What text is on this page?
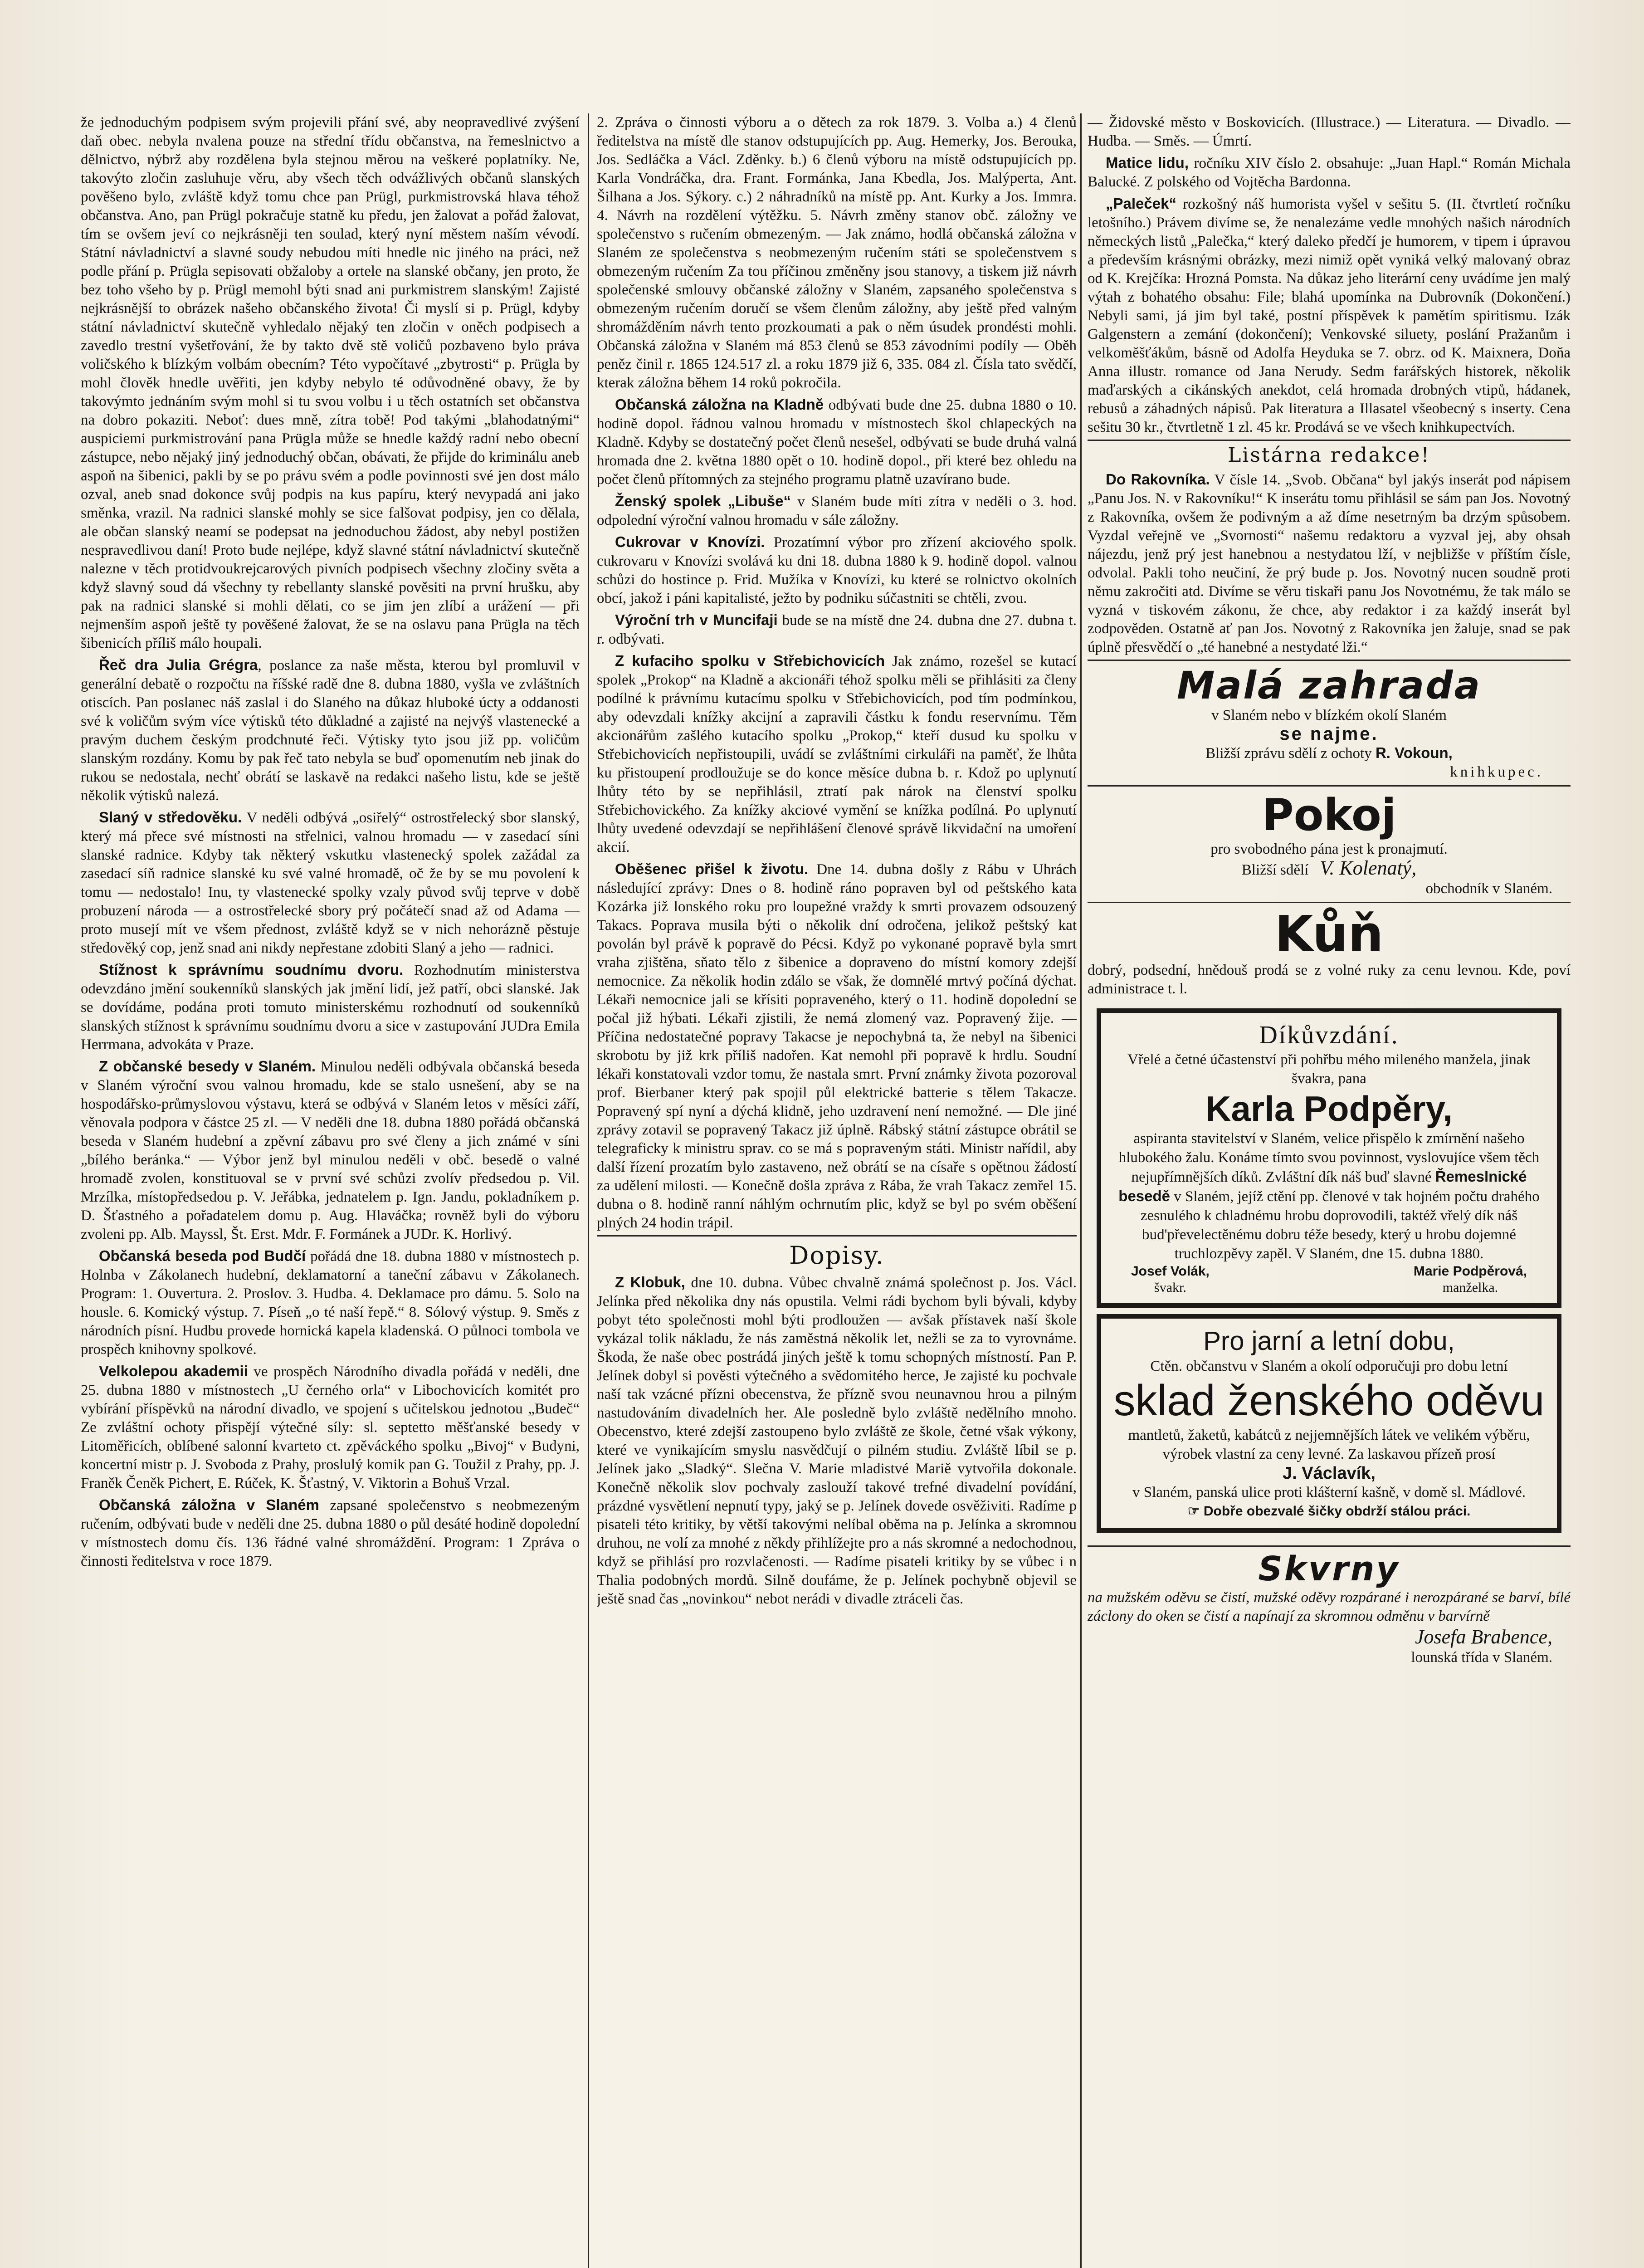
že jednoduchým podpisem svým projevili přání své, aby neopravedlivé zvýšení daň obec. nebyla nvalena pouze na střední třídu občanstva, na řemeslnictvo a dělnictvo, nýbrž aby rozdělena byla stejnou měrou na veškeré poplatníky. Ne, takovýto zločin zasluhuje věru, aby všech těch odvážlivých občanů slanských pověšeno bylo, zvláště když tomu chce pan Prügl, purkmistrovská hlava téhož občanstva. Ano, pan Prügl pokračuje statně ku předu, jen žalovat a pořád žalovat, tím se ovšem jeví co nejkrásněji ten soulad, který nyní městem naším vévodí. Státní návladnictví a slavné soudy nebudou míti hnedle nic jiného na práci, než podle přání p. Prügla sepisovati obžaloby a ortele na slanské občany, jen proto, že bez toho všeho by p. Prügl memohl býti snad ani purkmistrem slanským! Zajisté nejkrásnější to obrázek našeho občanského života! Či myslí si p. Prügl, kdyby státní návladnictví skutečně vyhledalo nějaký ten zločin v oněch podpisech a zavedlo trestní vyšetřování, že by takto dvě stě voličů pozbaveno bylo práva voličského k blízkým volbám obecním? Této vypočítavé „zbytrosti“ p. Prügla by mohl člověk hnedle uvěřiti, jen kdyby nebylo té odůvodněné obavy, že by takovýmto jednáním svým mohl si tu svou volbu i u těch ostatních set občanstva na dobro pokaziti. Neboť: dues mně, zítra tobě! Pod takými „blahodatnými“ auspiciemi purkmistrování pana Prügla může se hnedle každý radní nebo obecní zástupce, nebo nějaký jiný jednoduchý občan, obávati, že přijde do kriminálu aneb aspoň na šibenici, pakli by se po právu svém a podle povinnosti své jen dost málo ozval, aneb snad dokonce svůj podpis na kus papíru, který nevypadá ani jako směnka, vrazil. Na radnici slanské mohly se sice falšovat podpisy, jen co dělala, ale občan slanský neamí se podepsat na jednoduchou žádost, aby nebyl postižen nespravedlivou daní! Proto bude nejlépe, když slavné státní návladnictví skutečně nalezne v těch protidvoukrejcarových pivních podpisech všechny zločiny světa a když slavný soud dá všechny ty rebellanty slanské pověsiti na první hrušku, aby pak na radnici slanské si mohli dělati, co se jim jen zlíbí a urážení — při nejmenším aspoň ještě ty pověšené žalovat, že se na oslavu pana Prügla na těch šibenicích příliš málo houpali.

Řeč dra Julia Grégra, poslance za naše města, kterou byl promluvil v generální debatě o rozpočtu na říšské radě dne 8. dubna 1880, vyšla ve zvláštních otiscích. Pan poslanec náš zaslal i do Slaného na důkaz hluboké úcty a oddanosti své k voličům svým více výtisků této důkladné a zajisté na nejvýš vlastenecké a pravým duchem českým prodchnuté řeči. Výtisky tyto jsou již pp. voličům slanským rozdány. Komu by pak řeč tato nebyla se buď opomenutím neb jinak do rukou se nedostala, nechť obrátí se laskavě na redakci našeho listu, kde se ještě několik výtisků nalezá.

Slaný v středověku. V neděli odbývá „osiřelý“ ostrostřelecký sbor slanský, který má přece své místnosti na střelnici, valnou hromadu — v zasedací síni slanské radnice. Kdyby tak některý vskutku vlastenecký spolek zažádal za zasedací síň radnice slanské ku své valné hromadě, oč že by se mu povolení k tomu — nedostalo! Inu, ty vlastenecké spolky vzaly původ svůj teprve v době probuzení národa — a ostrostřelecké sbory prý počátečí snad až od Adama — proto musejí mít ve všem přednost, zvláště když se v nich nehorázně pěstuje středověký cop, jenž snad ani nikdy nepřestane zdobiti Slaný a jeho — radnici.

Stížnost k správnímu soudnímu dvoru. Rozhodnutím ministerstva odevzdáno jmění soukenníků slanských jak jmění lidí, jež patří, obci slanské. Jak se dovídáme, podána proti tomuto ministerskému rozhodnutí od soukenníků slanských stížnost k správnímu soudnímu dvoru a sice v zastupování JUDra Emila Herrmana, advokáta v Praze.

Z občanské besedy v Slaném. Minulou neděli odbývala občanská beseda v Slaném výroční svou valnou hromadu, kde se stalo usnešení, aby se na hospodářsko-průmyslovou výstavu, která se odbývá v Slaném letos v měsíci září, věnovala podpora v částce 25 zl. — V neděli dne 18. dubna 1880 pořádá občanská beseda v Slaném hudební a zpěvní zábavu pro své členy a jich známé v síni „bílého beránka.“ — Výbor jenž byl minulou neděli v obč. besedě o valné hromadě zvolen, konstituoval se v první své schůzi zvolív předsedou p. Vil. Mrzílka, místopředsedou p. V. Jeřábka, jednatelem p. Ign. Jandu, pokladníkem p. D. Šťastného a pořadatelem domu p. Aug. Hlaváčka; rovněž byli do výboru zvoleni pp. Alb. Mayssl, Št. Erst. Mdr. F. Formánek a JUDr. K. Horlivý.

Občanská beseda pod Budčí pořádá dne 18. dubna 1880 v místnostech p. Holnba v Zákolanech hudební, deklamatorní a taneční zábavu v Zákolanech. Program: 1. Ouvertura. 2. Proslov. 3. Hudba. 4. Deklamace pro dámu. 5. Solo na housle. 6. Komický výstup. 7. Píseň „o té naší řepě.“ 8. Sólový výstup. 9. Směs z národních písní. Hudbu provede hornická kapela kladenská. O půlnoci tombola ve prospěch knihovny spolkové.

Velkolepou akademii ve prospěch Národního divadla pořádá v neděli, dne 25. dubna 1880 v místnostech „U černého orla“ v Libochovicích komitét pro vybírání příspěvků na národní divadlo, ve spojení s učitelskou jednotou „Budeč“ Ze zvláštní ochoty přispějí výtečné síly: sl. septetto měšťanské besedy v Litoměřicích, oblíbené salonní kvarteto ct. zpěváckého spolku „Bivoj“ v Budyni, koncertní mistr p. J. Svoboda z Prahy, proslulý komik pan G. Toužil z Prahy, pp. J. Franěk Čeněk Pichert, E. Rúček, K. Šťastný, V. Viktorin a Bohuš Vrzal.

Občanská záložna v Slaném zapsané společenstvo s neobmezeným ručením, odbývati bude v neděli dne 25. dubna 1880 o půl desáté hodině dopolední v místnostech domu čís. 136 řádné valné shromáždění. Program: 1 Zpráva o činnosti ředitelstva v roce 1879.

2. Zpráva o činnosti výboru a o dětech za rok 1879. 3. Volba a.) 4 členů ředitelstva na místě dle stanov odstupujících pp. Aug. Hemerky, Jos. Berouka, Jos. Sedláčka a Václ. Zděnky. b.) 6 členů výboru na místě odstupujících pp. Karla Vondráčka, dra. Frant. Formánka, Jana Kbedla, Jos. Malýperta, Ant. Šilhana a Jos. Sýkory. c.) 2 náhradníků na místě pp. Ant. Kurky a Jos. Immra. 4. Návrh na rozdělení výtěžku. 5. Návrh změny stanov obč. záložny ve společenstvo s ručením obmezeným. — Jak známo, hodlá občanská záložna v Slaném ze společenstva s neobmezeným ručením státi se společenstvem s obmezeným ručením Za tou příčinou změněny jsou stanovy, a tiskem již návrh společenské smlouvy občanské záložny v Slaném, zapsaného společenstva s obmezeným ručením doručí se všem členům záložny, aby ještě před valným shromážděním návrh tento prozkoumati a pak o něm úsudek prondésti mohli. Občanská záložna v Slaném má 853 členů se 853 závodními podíly — Oběh peněz činil r. 1865 124.517 zl. a roku 1879 již 6, 335. 084 zl. Čísla tato svědčí, kterak záložna během 14 roků pokročila.

Občanská záložna na Kladně odbývati bude dne 25. dubna 1880 o 10. hodině dopol. řádnou valnou hromadu v místnostech škol chlapeckých na Kladně. Kdyby se dostatečný počet členů nesešel, odbývati se bude druhá valná hromada dne 2. května 1880 opět o 10. hodině dopol., při které bez ohledu na počet členů přítomných za stejného programu platně uzavírano bude.

Ženský spolek „Libuše“ v Slaném bude míti zítra v neděli o 3. hod. odpolední výroční valnou hromadu v sále záložny.

Cukrovar v Knovízi. Prozatímní výbor pro zřízení akciového spolk. cukrovaru v Knovízi svolává ku dni 18. dubna 1880 k 9. hodině dopol. valnou schůzi do hostince p. Frid. Mužíka v Knovízi, ku které se rolnictvo okolních obcí, jakož i páni kapitalisté, ježto by podniku súčastniti se chtěli, zvou.

Výroční trh v Muncifaji bude se na místě dne 24. dubna dne 27. dubna t. r. odbývati.

Z kufaciho spolku v Střebichovicích Jak známo, rozešel se kutací spolek „Prokop“ na Kladně a akcionáři téhož spolku měli se přihlásiti za členy podílné k právnímu kutacímu spolku v Střebichovicích, pod tím podmínkou, aby odevzdali knížky akcijní a zapravili částku k fondu reservnímu. Těm akcionářům zašlého kutacího spolku „Prokop,“ kteří dusud ku spolku v Střebichovicích nepřistoupili, uvádí se zvláštními cirkuláři na paměť, že lhůta ku přistoupení prodloužuje se do konce měsíce dubna b. r. Kdož po uplynutí lhůty této by se nepřihlásil, ztratí pak nárok na členství spolku Střebichovického. Za knížky akciové vymění se knížka podílná. Po uplynutí lhůty uvedené odevzdají se nepřihlášení členové správě likvidační na umoření akcií.

Oběšenec přišel k životu. Dne 14. dubna došly z Rábu v Uhrách následující zprávy: Dnes o 8. hodině ráno popraven byl od peštského kata Kozárka již lonského roku pro loupežné vraždy k smrti provazem odsouzený Takacs. Poprava musila býti o několik dní odročena, jelikož peštský kat povolán byl právě k popravě do Pécsi. Když po vykonané popravě byla smrt vraha zjištěna, sňato tělo z šibenice a dopraveno do místní komory zdejší nemocnice. Za několik hodin zdálo se však, že domnělé mrtvý počíná dýchat. Lékaři nemocnice jali se křísiti popraveného, který o 11. hodině dopolední se počal již hýbati. Lékaři zjistili, že nemá zlomený vaz. Popravený žije. — Příčina nedostatečné popravy Takacse je nepochybná ta, že nebyl na šibenici skrobotu by již krk příliš nadořen. Kat nemohl při popravě k hrdlu. Soudní lékaři konstatovali vzdor tomu, že nastala smrt. První známky života pozoroval prof. Bierbaner který pak spojil půl elektrické batterie s tělem Takacze. Popravený spí nyní a dýchá klidně, jeho uzdravení není nemožné. — Dle jiné zprávy zotavil se popravený Takacz již úplně. Rábský státní zástupce obrátil se telegraficky k ministru sprav. co se má s popraveným státi. Ministr nařídil, aby další řízení prozatím bylo zastaveno, než obrátí se na císaře s opětnou žádostí za udělení milosti. — Konečně došla zpráva z Rába, že vrah Takacz zemřel 15. dubna o 8. hodině ranní náhlým ochrnutím plic, když se byl po svém oběšení plných 24 hodin trápil.

Dopisy.

Z Klobuk, dne 10. dubna. Vůbec chvalně známá společnost p. Jos. Václ. Jelínka před několika dny nás opustila. Velmi rádi bychom byli bývali, kdyby pobyt této společnosti mohl býti prodloužen — avšak přístavek naší škole vykázal tolik nákladu, že nás zaměstná několik let, nežli se za to vyrovnáme. Škoda, že naše obec postrádá jiných ještě k tomu schopných místností. Pan P. Jelínek dobyl si pověsti výtečného a svědomitého herce, Je zajisté ku pochvale naší tak vzácné přízni obecenstva, že přízně svou neunavnou hrou a pilným nastudováním divadelních her. Ale posledně bylo zvláště nedělního mnoho. Obecenstvo, které zdejší zastoupeno bylo zvláště ze škole, četné však výkony, které ve vynikajícím smyslu nasvědčují o pilném studiu. Zvláště líbil se p. Jelínek jako „Sladký“. Slečna V. Marie mladistvé Mariě vytvořila dokonale. Konečně několik slov pochvaly zaslouží takové trefné divadelní povídání, prázdné vysvětlení nepnutí typy, jaký se p. Jelínek dovede osvěživiti. Radíme p pisateli této kritiky, by větší takovými nelíbal oběma na p. Jelínka a skromnou druhou, ne volí za mnohé z někdy přihlížejte pro a nás skromné a nedochodnou, když se přihlásí pro rozvlačenosti. — Radíme pisateli kritiky by se vůbec i n Thalia podobných mordů. Silně doufáme, že p. Jelínek pochybně objevil se ještě snad čas „novinkou“ nebot nerádi v divadle ztráceli čas.

— Židovské město v Boskovicích. (Illustrace.) — Literatura. — Divadlo. — Hudba. — Směs. — Úmrtí.

Matice lidu, ročníku XIV číslo 2. obsahuje: „Juan Hapl.“ Román Michala Balucké. Z polského od Vojtěcha Bardonna.

„Paleček“ rozkošný náš humorista vyšel v sešitu 5. (II. čtvrtletí ročníku letošního.) Právem divíme se, že nenalezáme vedle mnohých našich národních německých listů „Palečka,“ který daleko předčí je humorem, v tipem i úpravou a především krásnými obrázky, mezi nimiž opět vyniká velký malovaný obraz od K. Krejčíka: Hrozná Pomsta. Na důkaz jeho literární ceny uvádíme jen malý výtah z bohatého obsahu: File; blahá upomínka na Dubrovník (Dokončení.) Nebyli sami, já jim byl také, postní příspěvek k pamětím spiritismu. Izák Galgenstern a zemání (dokončení); Venkovské siluety, poslání Pražanům i velkoměšťákům, básně od Adolfa Heyduka se 7. obrz. od K. Maixnera, Doňa Anna illustr. romance od Jana Nerudy. Sedm farářských historek, několik maďarských a cikánských anekdot, celá hromada drobných vtipů, hádanek, rebusů a záhadných nápisů. Pak literatura a Illasatel všeobecný s inserty. Cena sešitu 30 kr., čtvrtletně 1 zl. 45 kr. Prodává se ve všech knihkupectvích.

Listárna redakce!

Do Rakovníka. V čísle 14. „Svob. Občana“ byl jakýs inserát pod nápisem „Panu Jos. N. v Rakovníku!“ K inserátu tomu přihlásil se sám pan Jos. Novotný z Rakovníka, ovšem že podivným a až díme nesetrným ba drzým spůsobem. Vyzdal veřejně ve „Svornosti“ našemu redaktoru a vyzval jej, aby ohsah nájezdu, jenž prý jest hanebnou a nestydatou lží, v nejbližše v příštím čísle, odvolal. Pakli toho neučiní, že prý bude p. Jos. Novotný nucen soudně proti němu zakročiti atd. Divíme se věru tiskaři panu Jos Novotnému, že tak málo se vyzná v tiskovém zákonu, že chce, aby redaktor i za každý inserát byl zodpověden. Ostatně ať pan Jos. Novotný z Rakovníka jen žaluje, snad se pak úplně přesvědčí o „té hanebné a nestydaté lži.“

Malá zahrada
v Slaném nebo v blízkém okolí Slaném
se najme.
Bližší zprávu sdělí z ochoty R. Vokoun,
knihkupec.
Pokoj
pro svobodného pána jest k pronajmutí.
Bližší sdělí V. Kolenatý,
obchodník v Slaném.
Kůň
dobrý, podsední, hnědouš prodá se z volné ruky za cenu levnou. Kde, poví administrace t. l.
Díkůvzdání.
Vřelé a četné účastenství při pohřbu mého mileného manžela, jinak švakra, pana
Karla Podpěry,
aspiranta stavitelství v Slaném, velice přispělo k zmírnění našeho hlubokého žalu. Konáme tímto svou povinnost, vyslovujíce všem těch nejupřímnějších díků. Zvláštní dík náš buď slavné Řemeslnické besedě v Slaném, jejíž ctění pp. členové v tak hojném počtu drahého zesnulého k chladnému hrobu doprovodili, taktéž vřelý dík náš bud'převelectěnému dobru téže besedy, který u hrobu dojemné truchlozpěvy zapěl. V Slaném, dne 15. dubna 1880.
Josef Volák,
švakr.
Marie Podpěrová,
manželka.
Pro jarní a letní dobu,
Ctěn. občanstvu v Slaném a okolí odporučuji pro dobu letní
sklad ženského oděvu
mantletů, žaketů, kabátců z nejjemnějších látek ve velikém výběru, výrobek vlastní za ceny levné. Za laskavou přízeň prosí
J. Václavík,
v Slaném, panská ulice proti klášterní kašně, v domě sl. Mádlové.
☞ Dobře obezvalé šičky obdrží stálou práci.
Skvrny
na mužském oděvu se čistí, mužské oděvy rozpárané i nerozpárané se barví, bílé záclony do oken se čistí a napínají za skromnou odměnu v barvírně
Josefa Brabence,
lounská třída v Slaném.
